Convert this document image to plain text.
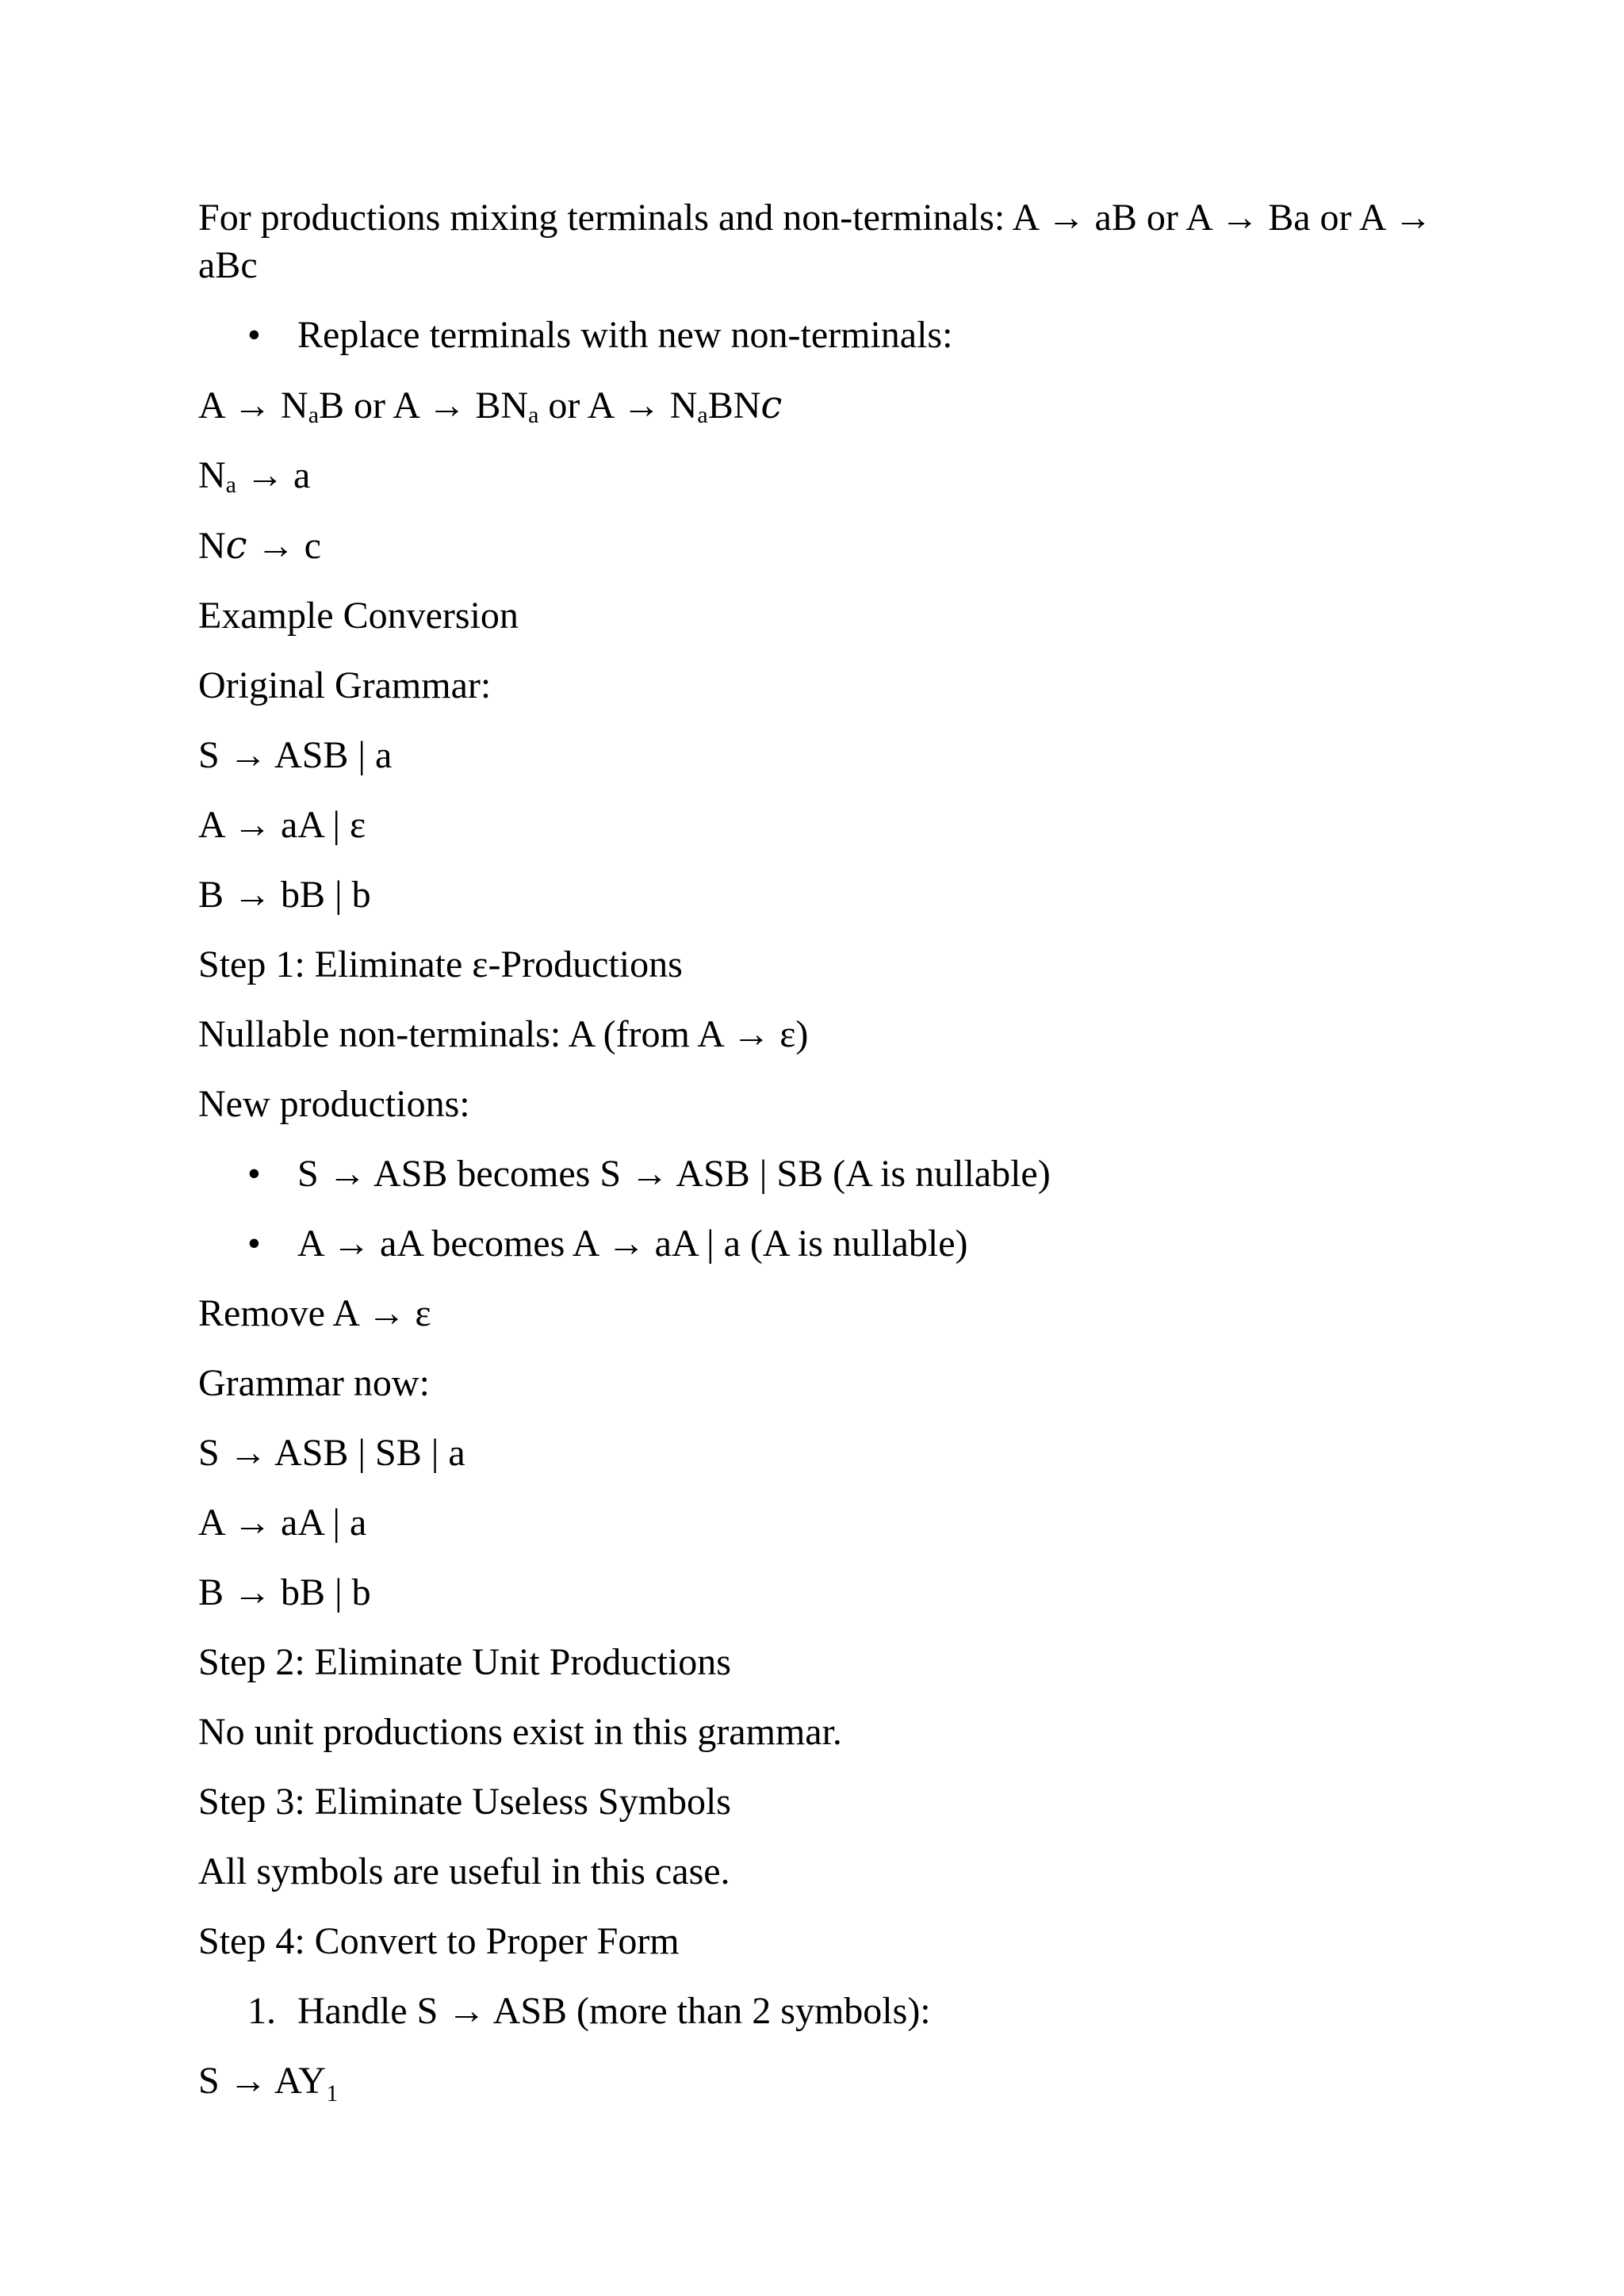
For productions mixing terminals and non-terminals: A → aB or A → Ba or A → aBc

• Replace terminals with new non-terminals:

$A \to N_aB$ or $A \to BN_a$ or $A \to N_aBNc$

$N_a \to a$

Nc → c

Example Conversion

Original Grammar:

S → ASB | a

A → aA | ε

B → bB | b

Step 1: Eliminate ε-Productions

Nullable non-terminals: A (from A → ε)

New productions:

• S → ASB becomes S → ASB | SB (A is nullable)
• A → aA becomes A → aA | a (A is nullable)

Remove A → ε

Grammar now:

S → ASB | SB | a

A → aA | a

B → bB | b

Step 2: Eliminate Unit Productions

No unit productions exist in this grammar.

Step 3: Eliminate Useless Symbols

All symbols are useful in this case.

Step 4: Convert to Proper Form

1. Handle S → ASB (more than 2 symbols):

S → AY₁
